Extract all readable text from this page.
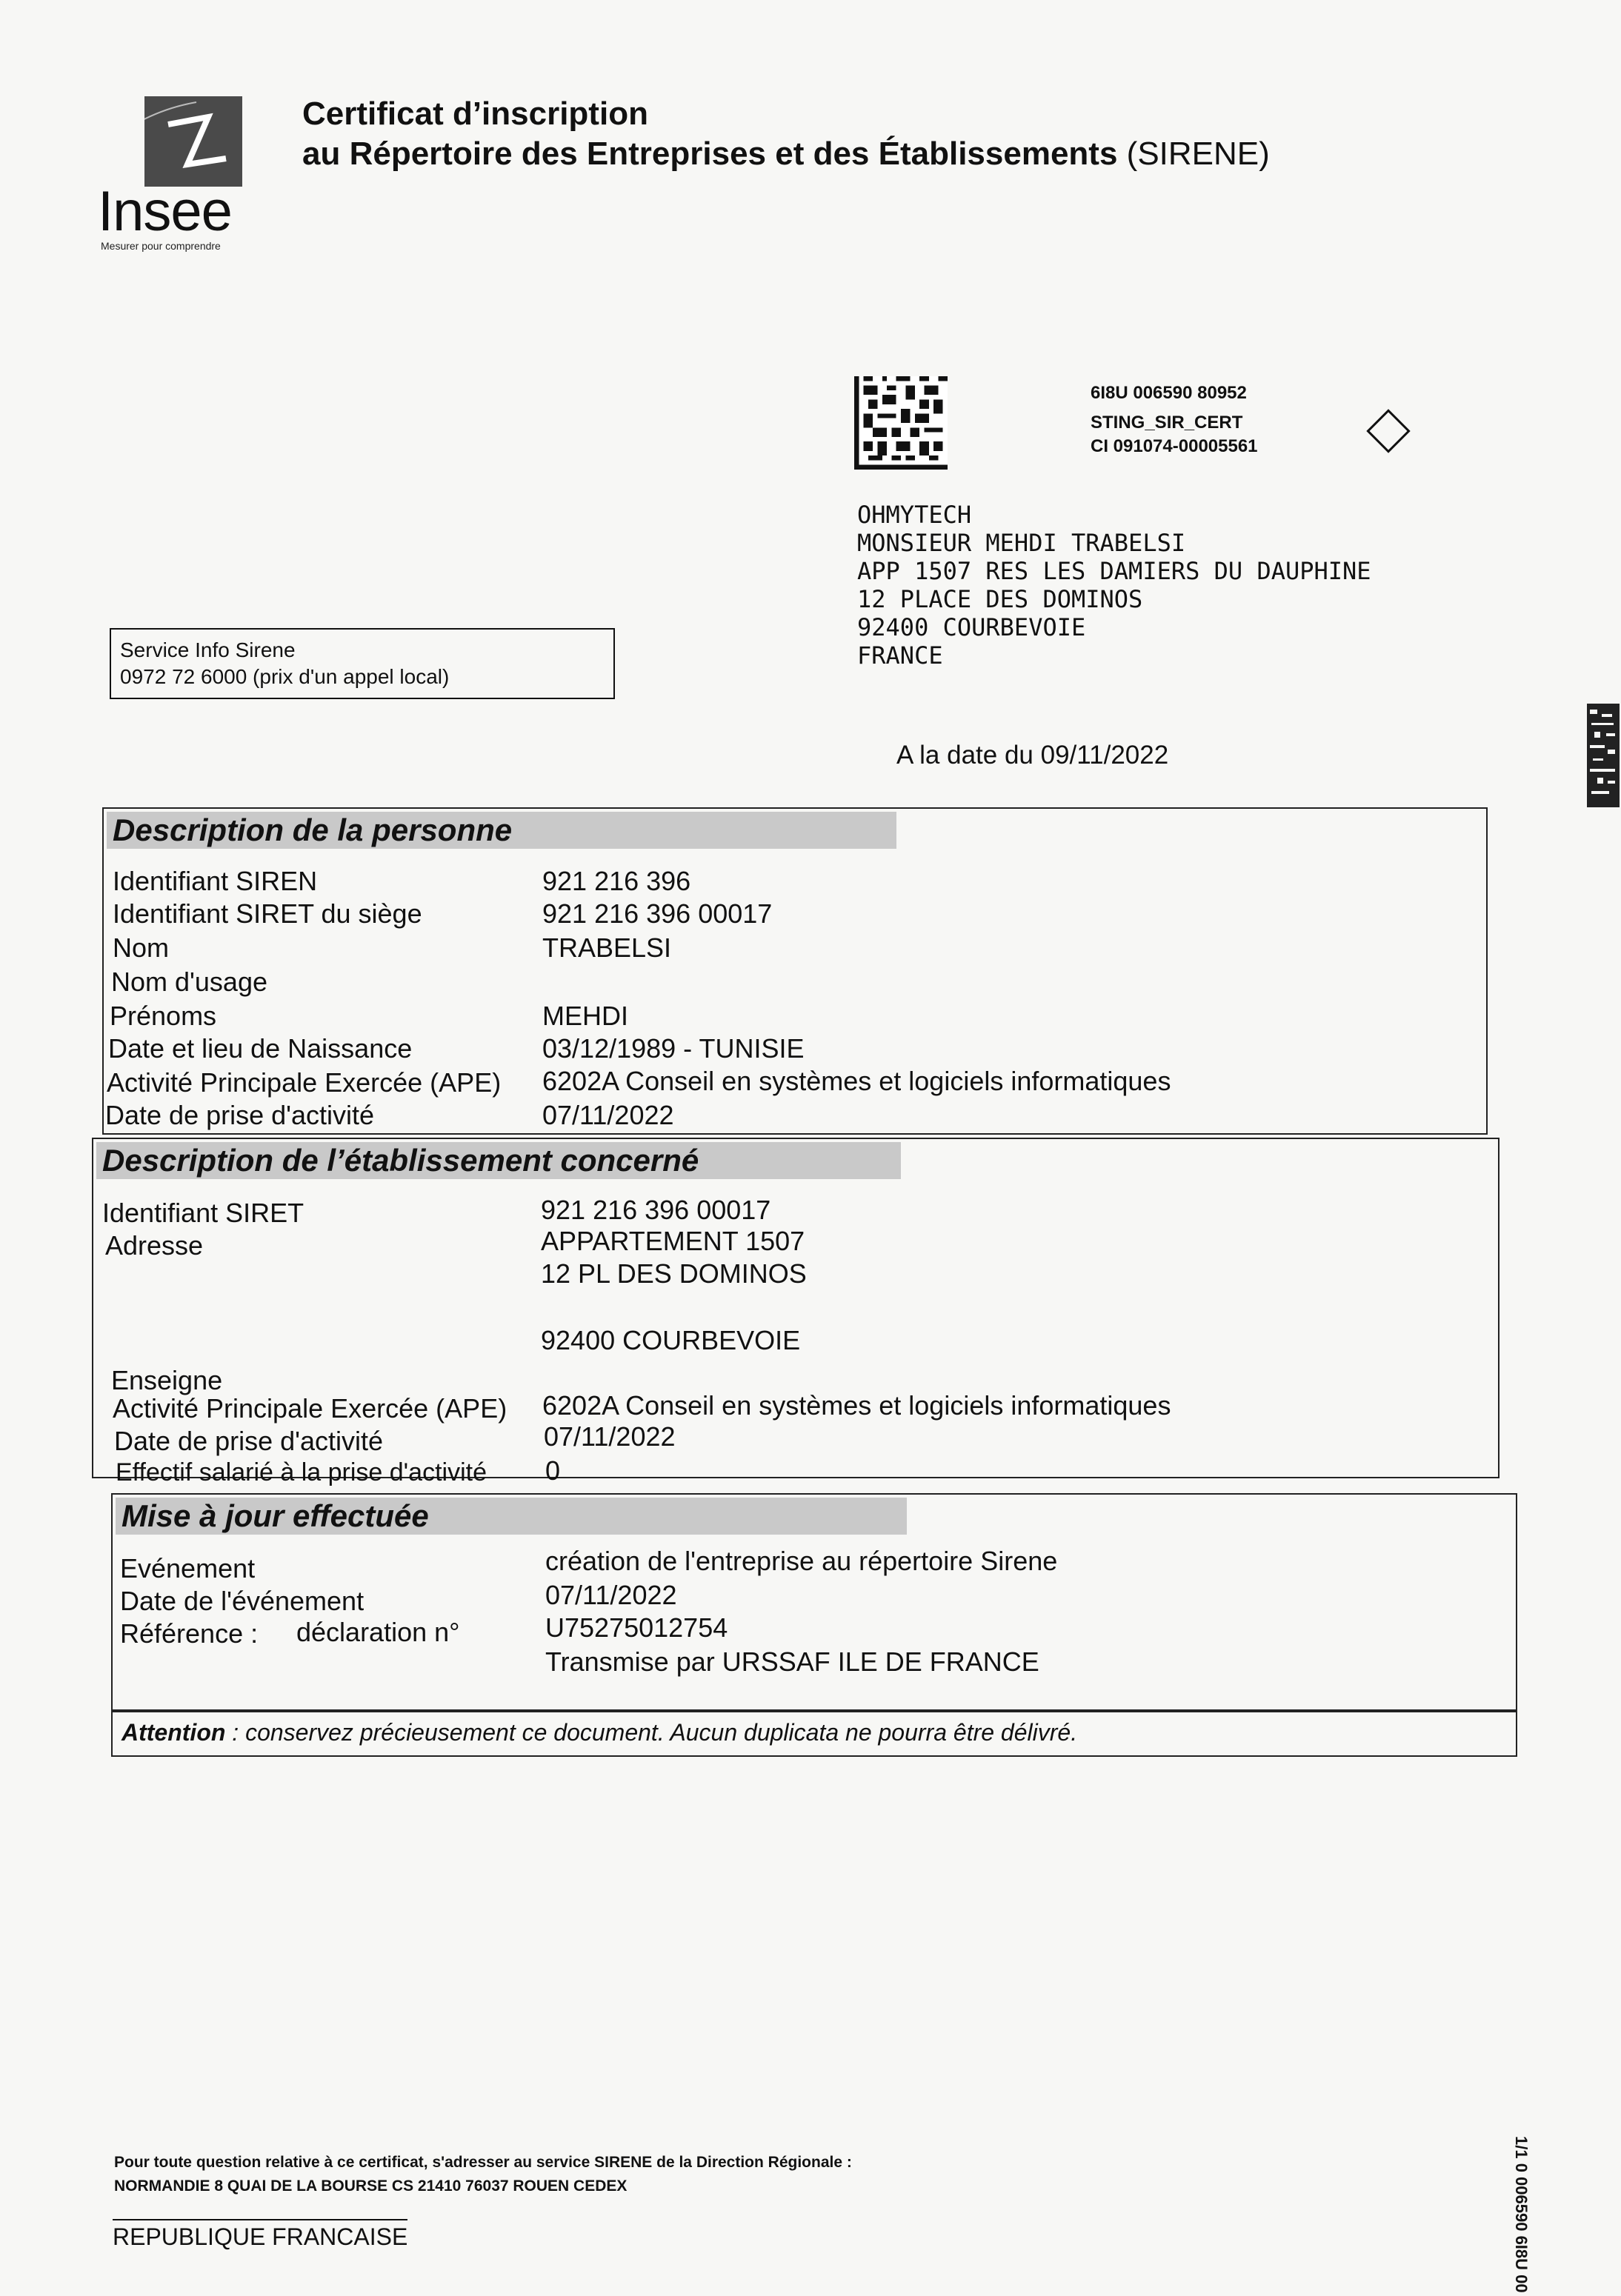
Insee
Mesurer pour comprendre
Certificat d’inscription
au Répertoire des Entreprises et des Établissements (SIRENE)
6I8U 006590 80952
STING_SIR_CERT
CI 091074-00005561
OHMYTECH
MONSIEUR MEHDI TRABELSI
APP 1507 RES LES DAMIERS DU DAUPHINE
12 PLACE DES DOMINOS
92400 COURBEVOIE
FRANCE
Service Info Sirene
0972 72 6000 (prix d'un appel local)
A la date du 09/11/2022
Description de la personne
Identifiant SIREN	921 216 396
Identifiant SIRET du siège	921 216 396 00017
Nom	TRABELSI
Nom d'usage
Prénoms	MEHDI
Date et lieu de Naissance	03/12/1989 - TUNISIE
Activité Principale Exercée (APE) 6202A Conseil en systèmes et logiciels informatiques
Date de prise d'activité	07/11/2022
Description de l’établissement concerné
Identifiant SIRET	921 216 396 00017
Adresse	APPARTEMENT 1507
12 PL DES DOMINOS
92400 COURBEVOIE
Enseigne
Activité Principale Exercée (APE) 6202A Conseil en systèmes et logiciels informatiques
Date de prise d'activité	07/11/2022
Effectif salarié à la prise d'activité 0
Mise à jour effectuée
Evénement	création de l'entreprise au répertoire Sirene
Date de l'événement	07/11/2022
Référence : déclaration n°	U75275012754
Transmise par URSSAF ILE DE FRANCE
Attention : conservez précieusement ce document. Aucun duplicata ne pourra être délivré.
Pour toute question relative à ce certificat, s'adresser au service SIRENE de la Direction Régionale :
NORMANDIE 8 QUAI DE LA BOURSE CS 21410 76037 ROUEN CEDEX
REPUBLIQUE FRANCAISE	1/1 0 006590 6I8U 00
